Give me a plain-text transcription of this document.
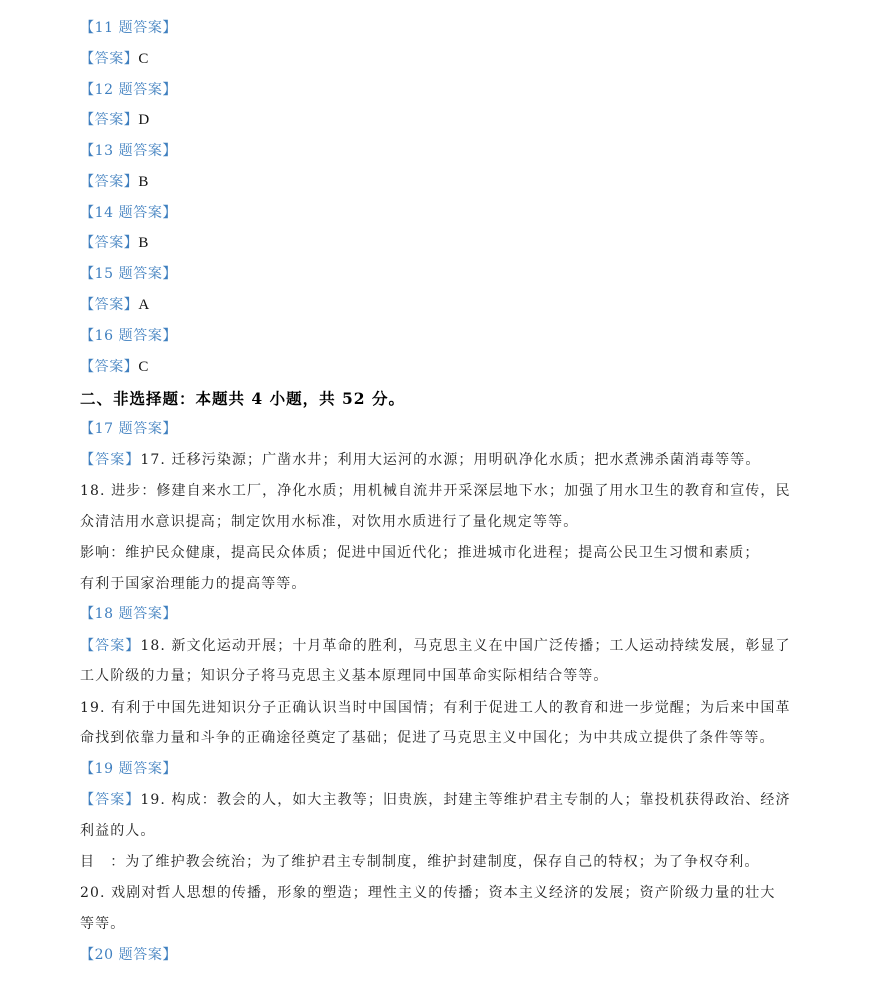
【11 题答案】
【答案】C
【12 题答案】
【答案】D
【13 题答案】
【答案】B
【14 题答案】
【答案】B
【15 题答案】
【答案】A
【16 题答案】
【答案】C
二、非选择题：本题共 4 小题，共 52 分。
【17 题答案】
【答案】17. 迁移污染源；广凿水井；利用大运河的水源；用明矾净化水质；把水煮沸杀菌消毒等等。
18. 进步：修建自来水工厂，净化水质；用机械自流井开采深层地下水；加强了用水卫生的教育和宣传，民
众清洁用水意识提高；制定饮用水标准，对饮用水质进行了量化规定等等。
影响：维护民众健康，提高民众体质；促进中国近代化；推进城市化进程；提高公民卫生习惯和素质；
有利于国家治理能力的提高等等。
【18 题答案】
【答案】18. 新文化运动开展；十月革命的胜利，马克思主义在中国广泛传播；工人运动持续发展，彰显了
工人阶级的力量；知识分子将马克思主义基本原理同中国革命实际相结合等等。
19. 有利于中国先进知识分子正确认识当时中国国情；有利于促进工人的教育和进一步觉醒；为后来中国革
命找到依靠力量和斗争的正确途径奠定了基础；促进了马克思主义中国化；为中共成立提供了条件等等。
【19 题答案】
【答案】19. 构成：教会的人，如大主教等；旧贵族，封建主等维护君主专制的人；靠投机获得政治、经济
利益的人。
目　：为了维护教会统治；为了维护君主专制制度，维护封建制度，保存自己的特权；为了争权夺利。
20. 戏剧对哲人思想的传播，形象的塑造；理性主义的传播；资本主义经济的发展；资产阶级力量的壮大
等等。
【20 题答案】
